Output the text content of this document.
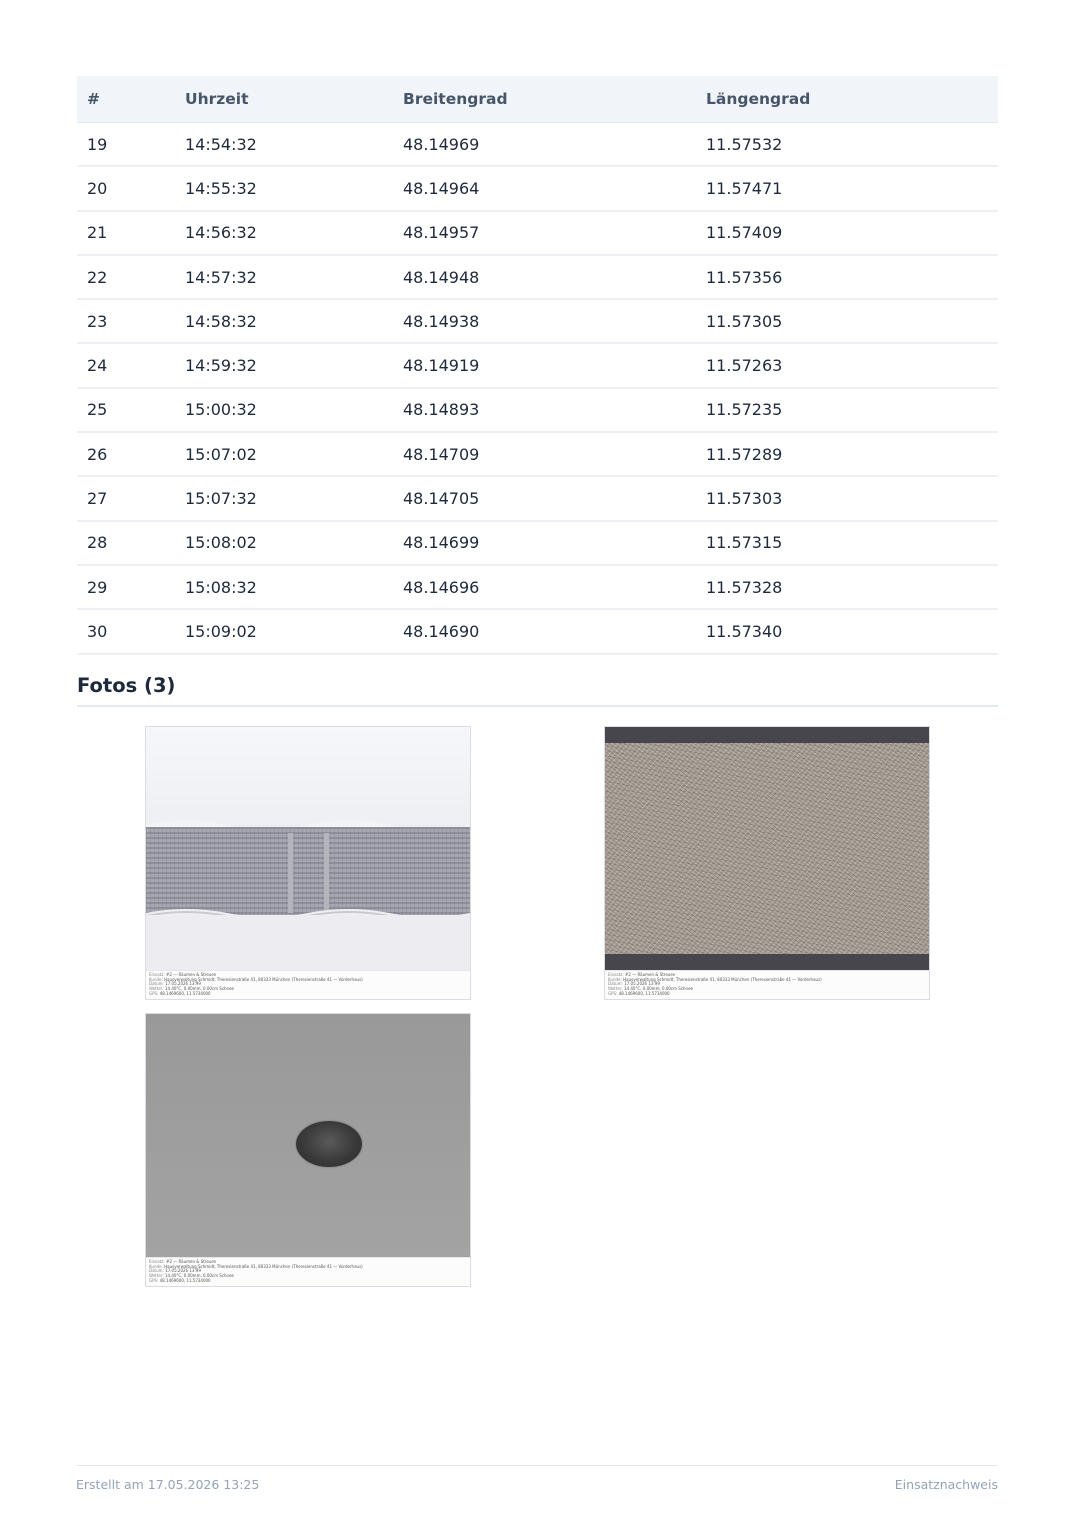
#	Uhrzeit	Breitengrad	Längengrad
19	14:54:32	48.14969	11.57532
20	14:55:32	48.14964	11.57471
21	14:56:32	48.14957	11.57409
22	14:57:32	48.14948	11.57356
23	14:58:32	48.14938	11.57305
24	14:59:32	48.14919	11.57263
25	15:00:32	48.14893	11.57235
26	15:07:02	48.14709	11.57289
27	15:07:32	48.14705	11.57303
28	15:08:02	48.14699	11.57315
29	15:08:32	48.14696	11.57328
30	15:09:02	48.14690	11.57340
Fotos (3)
Einsatz: #2 — Räumen & Streuen
Kunde: Hausverwaltung Schmidt, Theresienstraße 41, 80333 München (Theresienstraße 41 — Vorderhaus)
Datum: 17.05.2026 13:99
Wetter: 14.40°C, 0.00mm, 0.00cm Schnee
GPS: 48.1469600, 11.5734000
Einsatz: #2 — Räumen & Streuen
Kunde: Hausverwaltung Schmidt, Theresienstraße 41, 80333 München (Theresienstraße 41 — Vorderhaus)
Datum: 17.05.2026 13:99
Wetter: 14.40°C, 0.00mm, 0.00cm Schnee
GPS: 48.1469600, 11.5734000
Einsatz: #2 — Räumen & Streuen
Kunde: Hausverwaltung Schmidt, Theresienstraße 41, 80333 München (Theresienstraße 41 — Vorderhaus)
Datum: 17.05.2026 13:99
Wetter: 14.40°C, 0.00mm, 0.00cm Schnee
GPS: 48.1469600, 11.5734000
Erstellt am 17.05.2026 13:25	Einsatznachweis
